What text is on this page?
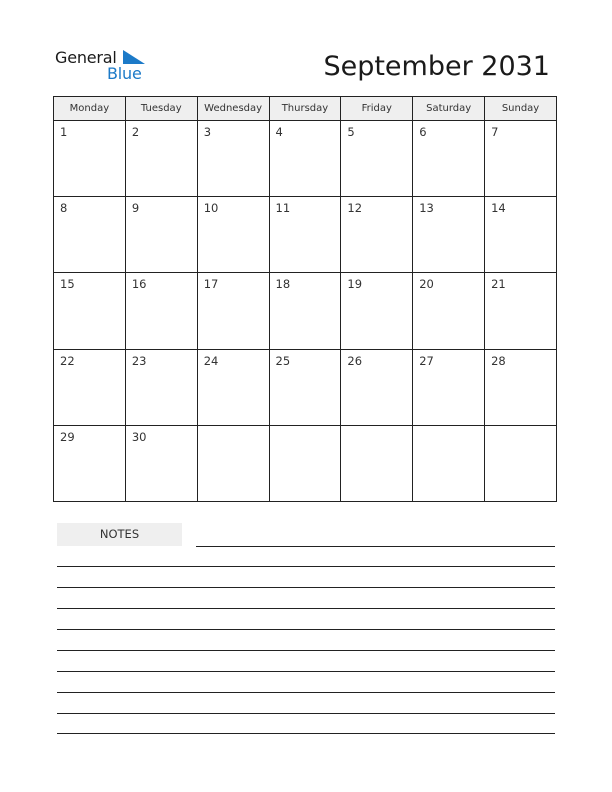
General
Blue	September 2031
Monday	Tuesday	Wednesday	Thursday	Friday	Saturday	Sunday

1	2	3	4	5	6	7

8	9	10	11	12	13	14

15	16	17	18	19	20	21

22	23	24	25	26	27	28

29	30					

NOTES
